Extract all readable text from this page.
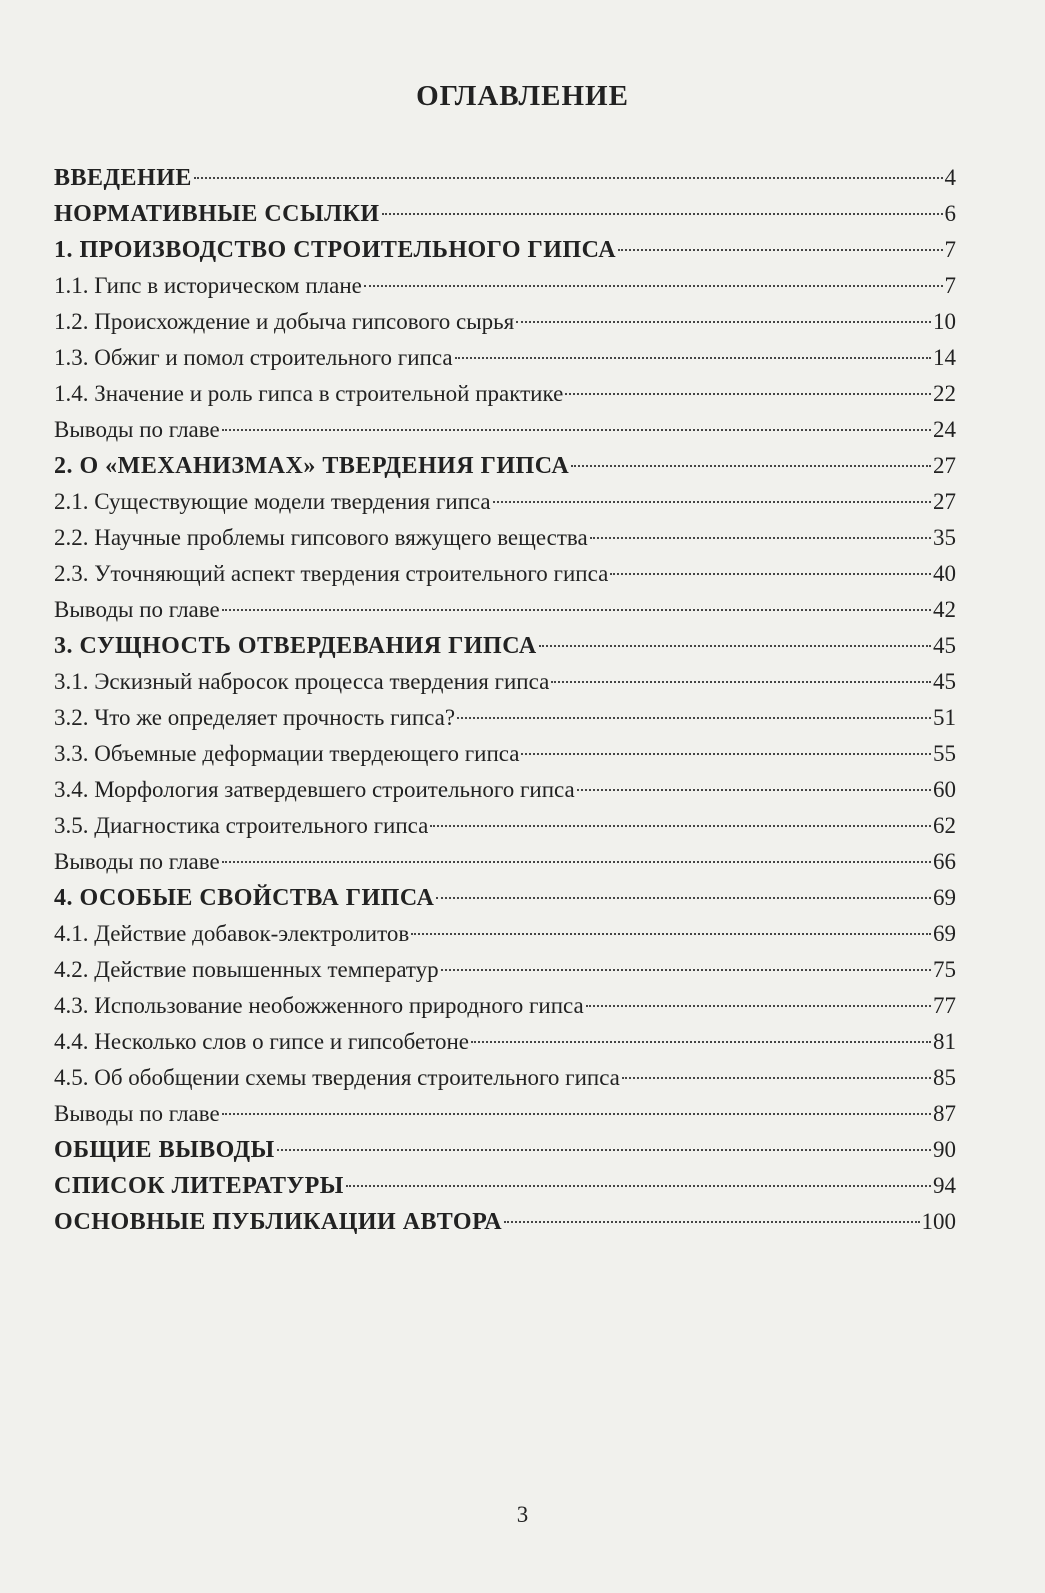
ОГЛАВЛЕНИЕ
ВВЕДЕНИЕ	4
НОРМАТИВНЫЕ ССЫЛКИ	6
1. ПРОИЗВОДСТВО СТРОИТЕЛЬНОГО ГИПСА	7
1.1. Гипс в историческом плане	7
1.2. Происхождение и добыча гипсового сырья	10
1.3. Обжиг и помол строительного гипса	14
1.4. Значение и роль гипса в строительной практике	22
Выводы по главе	24
2. О «МЕХАНИЗМАХ» ТВЕРДЕНИЯ ГИПСА	27
2.1. Существующие модели твердения гипса	27
2.2. Научные проблемы гипсового вяжущего вещества	35
2.3. Уточняющий аспект твердения строительного гипса	40
Выводы по главе	42
3. СУЩНОСТЬ ОТВЕРДЕВАНИЯ ГИПСА	45
3.1. Эскизный набросок процесса твердения гипса	45
3.2. Что же определяет прочность гипса?	51
3.3. Объемные деформации твердеющего гипса	55
3.4. Морфология затвердевшего строительного гипса	60
3.5. Диагностика строительного гипса	62
Выводы по главе	66
4. ОСОБЫЕ СВОЙСТВА ГИПСА	69
4.1. Действие добавок-электролитов	69
4.2. Действие повышенных температур	75
4.3. Использование необожженного природного гипса	77
4.4. Несколько слов о гипсе и гипсобетоне	81
4.5. Об обобщении схемы твердения строительного гипса	85
Выводы по главе	87
ОБЩИЕ ВЫВОДЫ	90
СПИСОК ЛИТЕРАТУРЫ	94
ОСНОВНЫЕ ПУБЛИКАЦИИ АВТОРА	100
3
